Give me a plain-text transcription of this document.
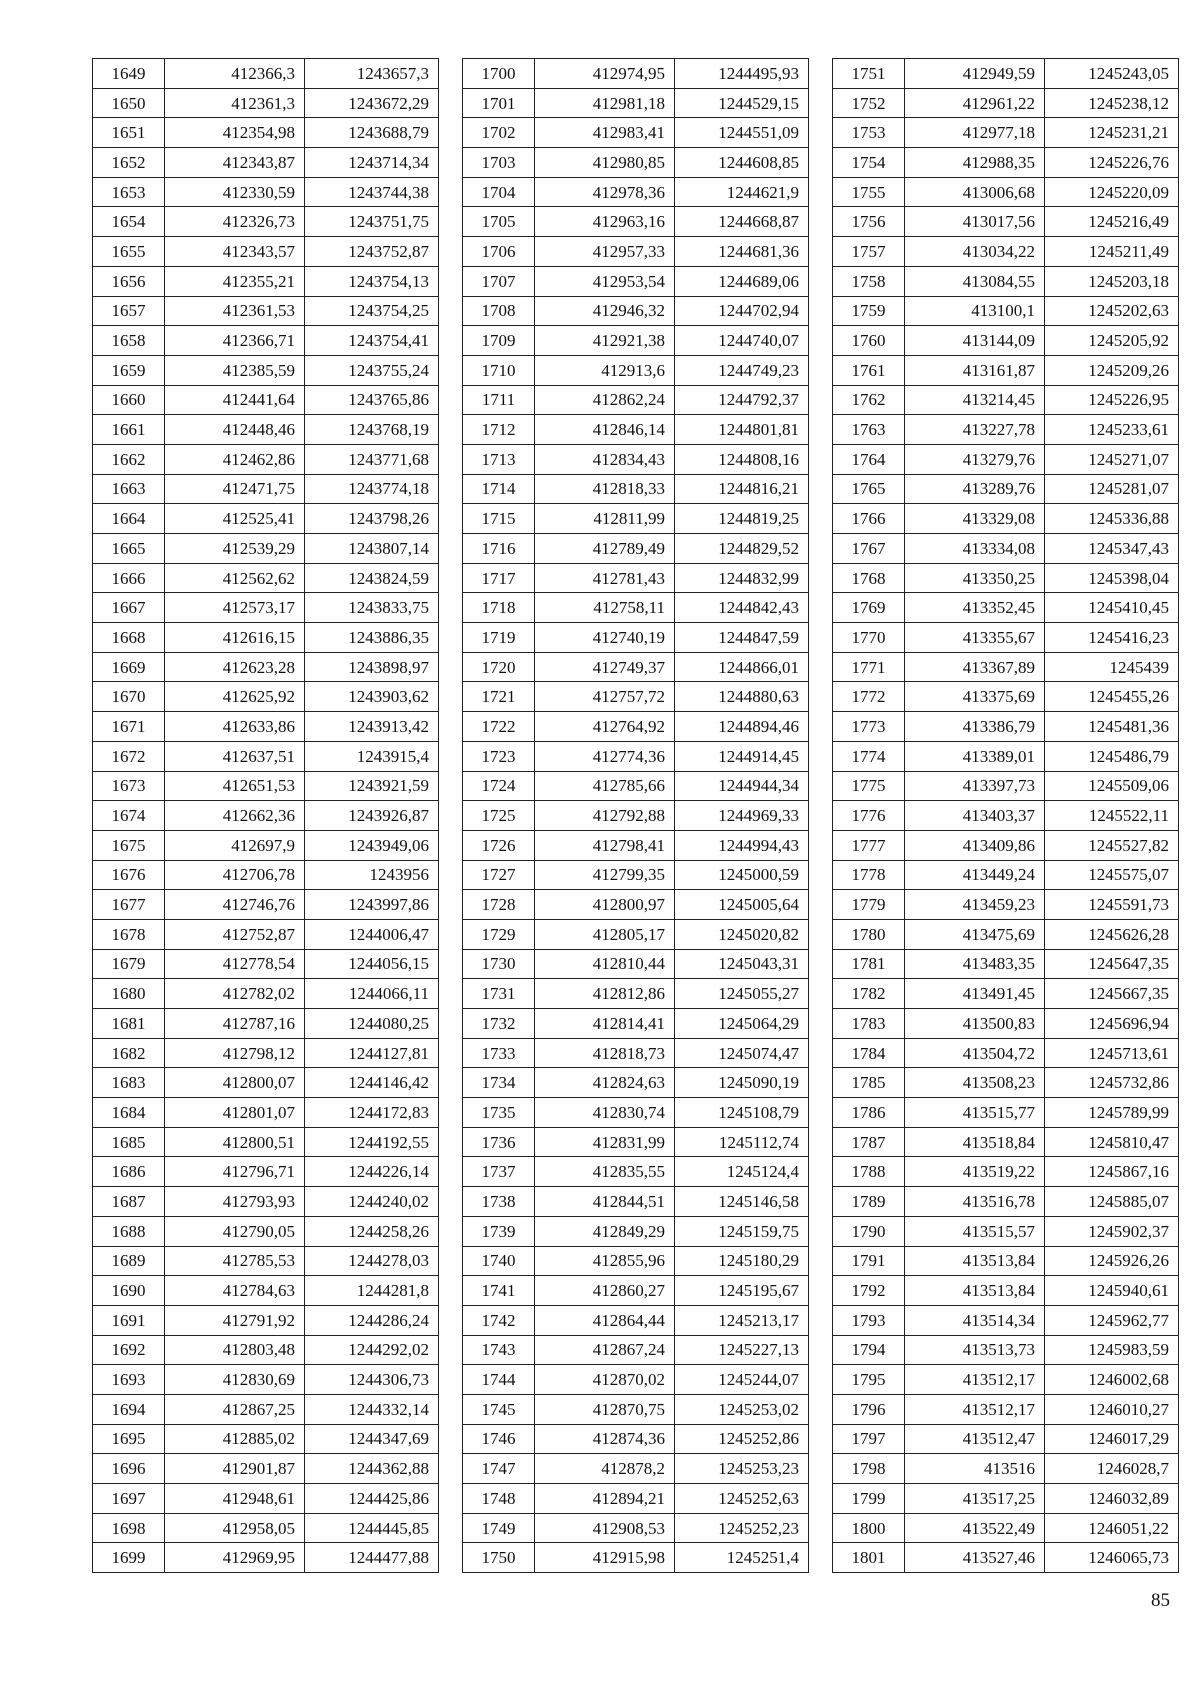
1649	412366,3	1243657,3
1650	412361,3	1243672,29
1651	412354,98	1243688,79
1652	412343,87	1243714,34
1653	412330,59	1243744,38
1654	412326,73	1243751,75
1655	412343,57	1243752,87
1656	412355,21	1243754,13
1657	412361,53	1243754,25
1658	412366,71	1243754,41
1659	412385,59	1243755,24
1660	412441,64	1243765,86
1661	412448,46	1243768,19
1662	412462,86	1243771,68
1663	412471,75	1243774,18
1664	412525,41	1243798,26
1665	412539,29	1243807,14
1666	412562,62	1243824,59
1667	412573,17	1243833,75
1668	412616,15	1243886,35
1669	412623,28	1243898,97
1670	412625,92	1243903,62
1671	412633,86	1243913,42
1672	412637,51	1243915,4
1673	412651,53	1243921,59
1674	412662,36	1243926,87
1675	412697,9	1243949,06
1676	412706,78	1243956
1677	412746,76	1243997,86
1678	412752,87	1244006,47
1679	412778,54	1244056,15
1680	412782,02	1244066,11
1681	412787,16	1244080,25
1682	412798,12	1244127,81
1683	412800,07	1244146,42
1684	412801,07	1244172,83
1685	412800,51	1244192,55
1686	412796,71	1244226,14
1687	412793,93	1244240,02
1688	412790,05	1244258,26
1689	412785,53	1244278,03
1690	412784,63	1244281,8
1691	412791,92	1244286,24
1692	412803,48	1244292,02
1693	412830,69	1244306,73
1694	412867,25	1244332,14
1695	412885,02	1244347,69
1696	412901,87	1244362,88
1697	412948,61	1244425,86
1698	412958,05	1244445,85
1699	412969,95	1244477,88
1700	412974,95	1244495,93
1701	412981,18	1244529,15
1702	412983,41	1244551,09
1703	412980,85	1244608,85
1704	412978,36	1244621,9
1705	412963,16	1244668,87
1706	412957,33	1244681,36
1707	412953,54	1244689,06
1708	412946,32	1244702,94
1709	412921,38	1244740,07
1710	412913,6	1244749,23
1711	412862,24	1244792,37
1712	412846,14	1244801,81
1713	412834,43	1244808,16
1714	412818,33	1244816,21
1715	412811,99	1244819,25
1716	412789,49	1244829,52
1717	412781,43	1244832,99
1718	412758,11	1244842,43
1719	412740,19	1244847,59
1720	412749,37	1244866,01
1721	412757,72	1244880,63
1722	412764,92	1244894,46
1723	412774,36	1244914,45
1724	412785,66	1244944,34
1725	412792,88	1244969,33
1726	412798,41	1244994,43
1727	412799,35	1245000,59
1728	412800,97	1245005,64
1729	412805,17	1245020,82
1730	412810,44	1245043,31
1731	412812,86	1245055,27
1732	412814,41	1245064,29
1733	412818,73	1245074,47
1734	412824,63	1245090,19
1735	412830,74	1245108,79
1736	412831,99	1245112,74
1737	412835,55	1245124,4
1738	412844,51	1245146,58
1739	412849,29	1245159,75
1740	412855,96	1245180,29
1741	412860,27	1245195,67
1742	412864,44	1245213,17
1743	412867,24	1245227,13
1744	412870,02	1245244,07
1745	412870,75	1245253,02
1746	412874,36	1245252,86
1747	412878,2	1245253,23
1748	412894,21	1245252,63
1749	412908,53	1245252,23
1750	412915,98	1245251,4
1751	412949,59	1245243,05
1752	412961,22	1245238,12
1753	412977,18	1245231,21
1754	412988,35	1245226,76
1755	413006,68	1245220,09
1756	413017,56	1245216,49
1757	413034,22	1245211,49
1758	413084,55	1245203,18
1759	413100,1	1245202,63
1760	413144,09	1245205,92
1761	413161,87	1245209,26
1762	413214,45	1245226,95
1763	413227,78	1245233,61
1764	413279,76	1245271,07
1765	413289,76	1245281,07
1766	413329,08	1245336,88
1767	413334,08	1245347,43
1768	413350,25	1245398,04
1769	413352,45	1245410,45
1770	413355,67	1245416,23
1771	413367,89	1245439
1772	413375,69	1245455,26
1773	413386,79	1245481,36
1774	413389,01	1245486,79
1775	413397,73	1245509,06
1776	413403,37	1245522,11
1777	413409,86	1245527,82
1778	413449,24	1245575,07
1779	413459,23	1245591,73
1780	413475,69	1245626,28
1781	413483,35	1245647,35
1782	413491,45	1245667,35
1783	413500,83	1245696,94
1784	413504,72	1245713,61
1785	413508,23	1245732,86
1786	413515,77	1245789,99
1787	413518,84	1245810,47
1788	413519,22	1245867,16
1789	413516,78	1245885,07
1790	413515,57	1245902,37
1791	413513,84	1245926,26
1792	413513,84	1245940,61
1793	413514,34	1245962,77
1794	413513,73	1245983,59
1795	413512,17	1246002,68
1796	413512,17	1246010,27
1797	413512,47	1246017,29
1798	413516	1246028,7
1799	413517,25	1246032,89
1800	413522,49	1246051,22
1801	413527,46	1246065,73
85
